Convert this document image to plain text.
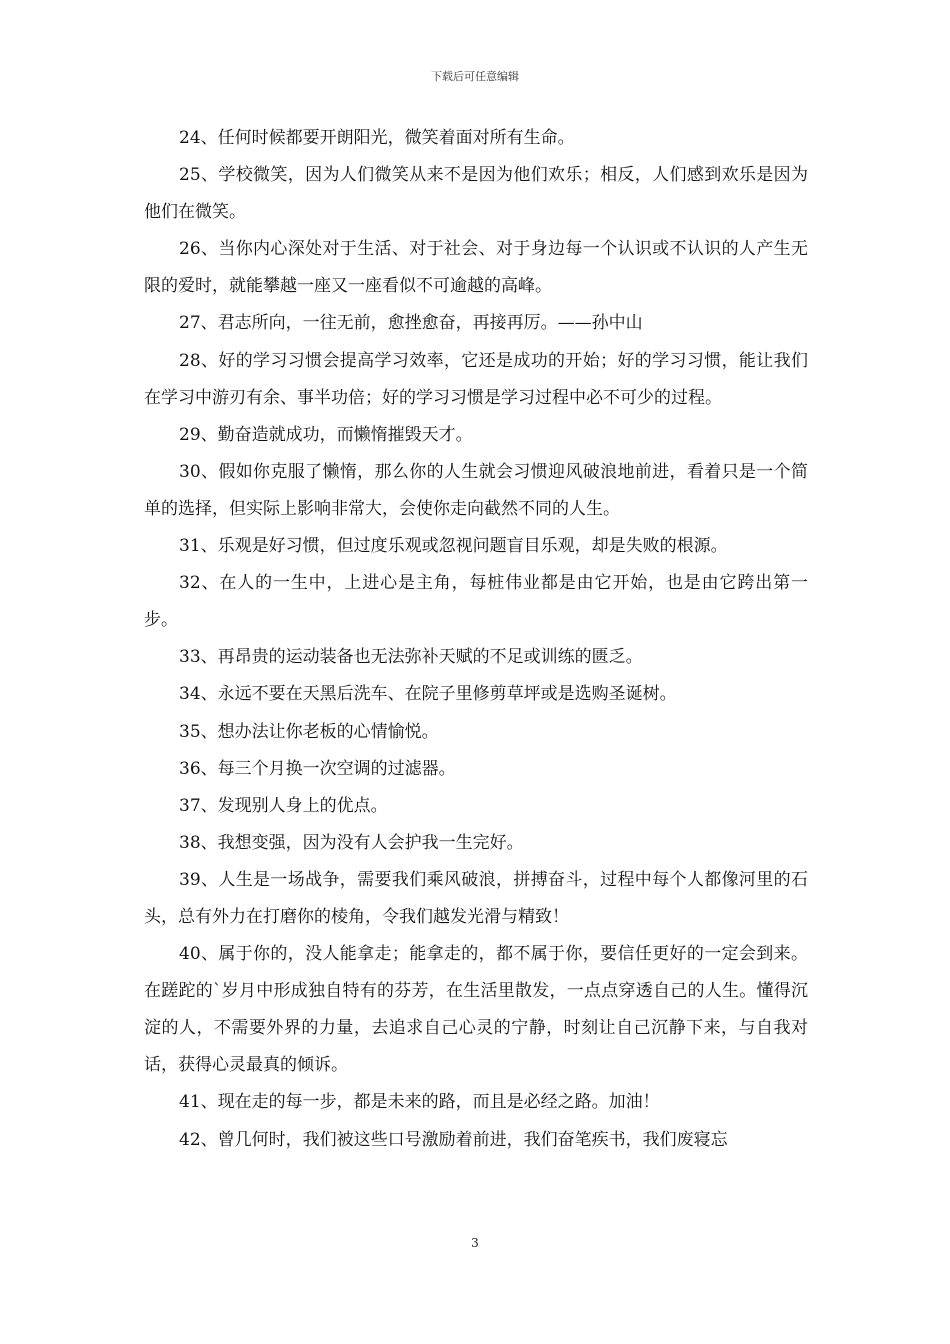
下载后可任意编辑

24、任何时候都要开朗阳光，微笑着面对所有生命。

25、学校微笑，因为人们微笑从来不是因为他们欢乐；相反，人们感到欢乐是因为他们在微笑。

26、当你内心深处对于生活、对于社会、对于身边每一个认识或不认识的人产生无限的爱时，就能攀越一座又一座看似不可逾越的高峰。

27、君志所向，一往无前，愈挫愈奋，再接再厉。——孙中山

28、好的学习习惯会提高学习效率，它还是成功的开始；好的学习习惯，能让我们在学习中游刃有余、事半功倍；好的学习习惯是学习过程中必不可少的过程。

29、勤奋造就成功，而懒惰摧毁天才。

30、假如你克服了懒惰，那么你的人生就会习惯迎风破浪地前进，看着只是一个简单的选择，但实际上影响非常大，会使你走向截然不同的人生。

31、乐观是好习惯，但过度乐观或忽视问题盲目乐观，却是失败的根源。

32、在人的一生中，上进心是主角，每桩伟业都是由它开始，也是由它跨出第一步。

33、再昂贵的运动装备也无法弥补天赋的不足或训练的匮乏。

34、永远不要在天黑后洗车、在院子里修剪草坪或是选购圣诞树。

35、想办法让你老板的心情愉悦。

36、每三个月换一次空调的过滤器。

37、发现别人身上的优点。

38、我想变强，因为没有人会护我一生完好。

39、人生是一场战争，需要我们乘风破浪，拼搏奋斗，过程中每个人都像河里的石头，总有外力在打磨你的棱角，令我们越发光滑与精致！

40、属于你的，没人能拿走；能拿走的，都不属于你，要信任更好的一定会到来。在蹉跎的`岁月中形成独自特有的芬芳，在生活里散发，一点点穿透自己的人生。懂得沉淀的人，不需要外界的力量，去追求自己心灵的宁静，时刻让自己沉静下来，与自我对话，获得心灵最真的倾诉。

41、现在走的每一步，都是未来的路，而且是必经之路。加油！

42、曾几何时，我们被这些口号激励着前进，我们奋笔疾书，我们废寝忘

3
